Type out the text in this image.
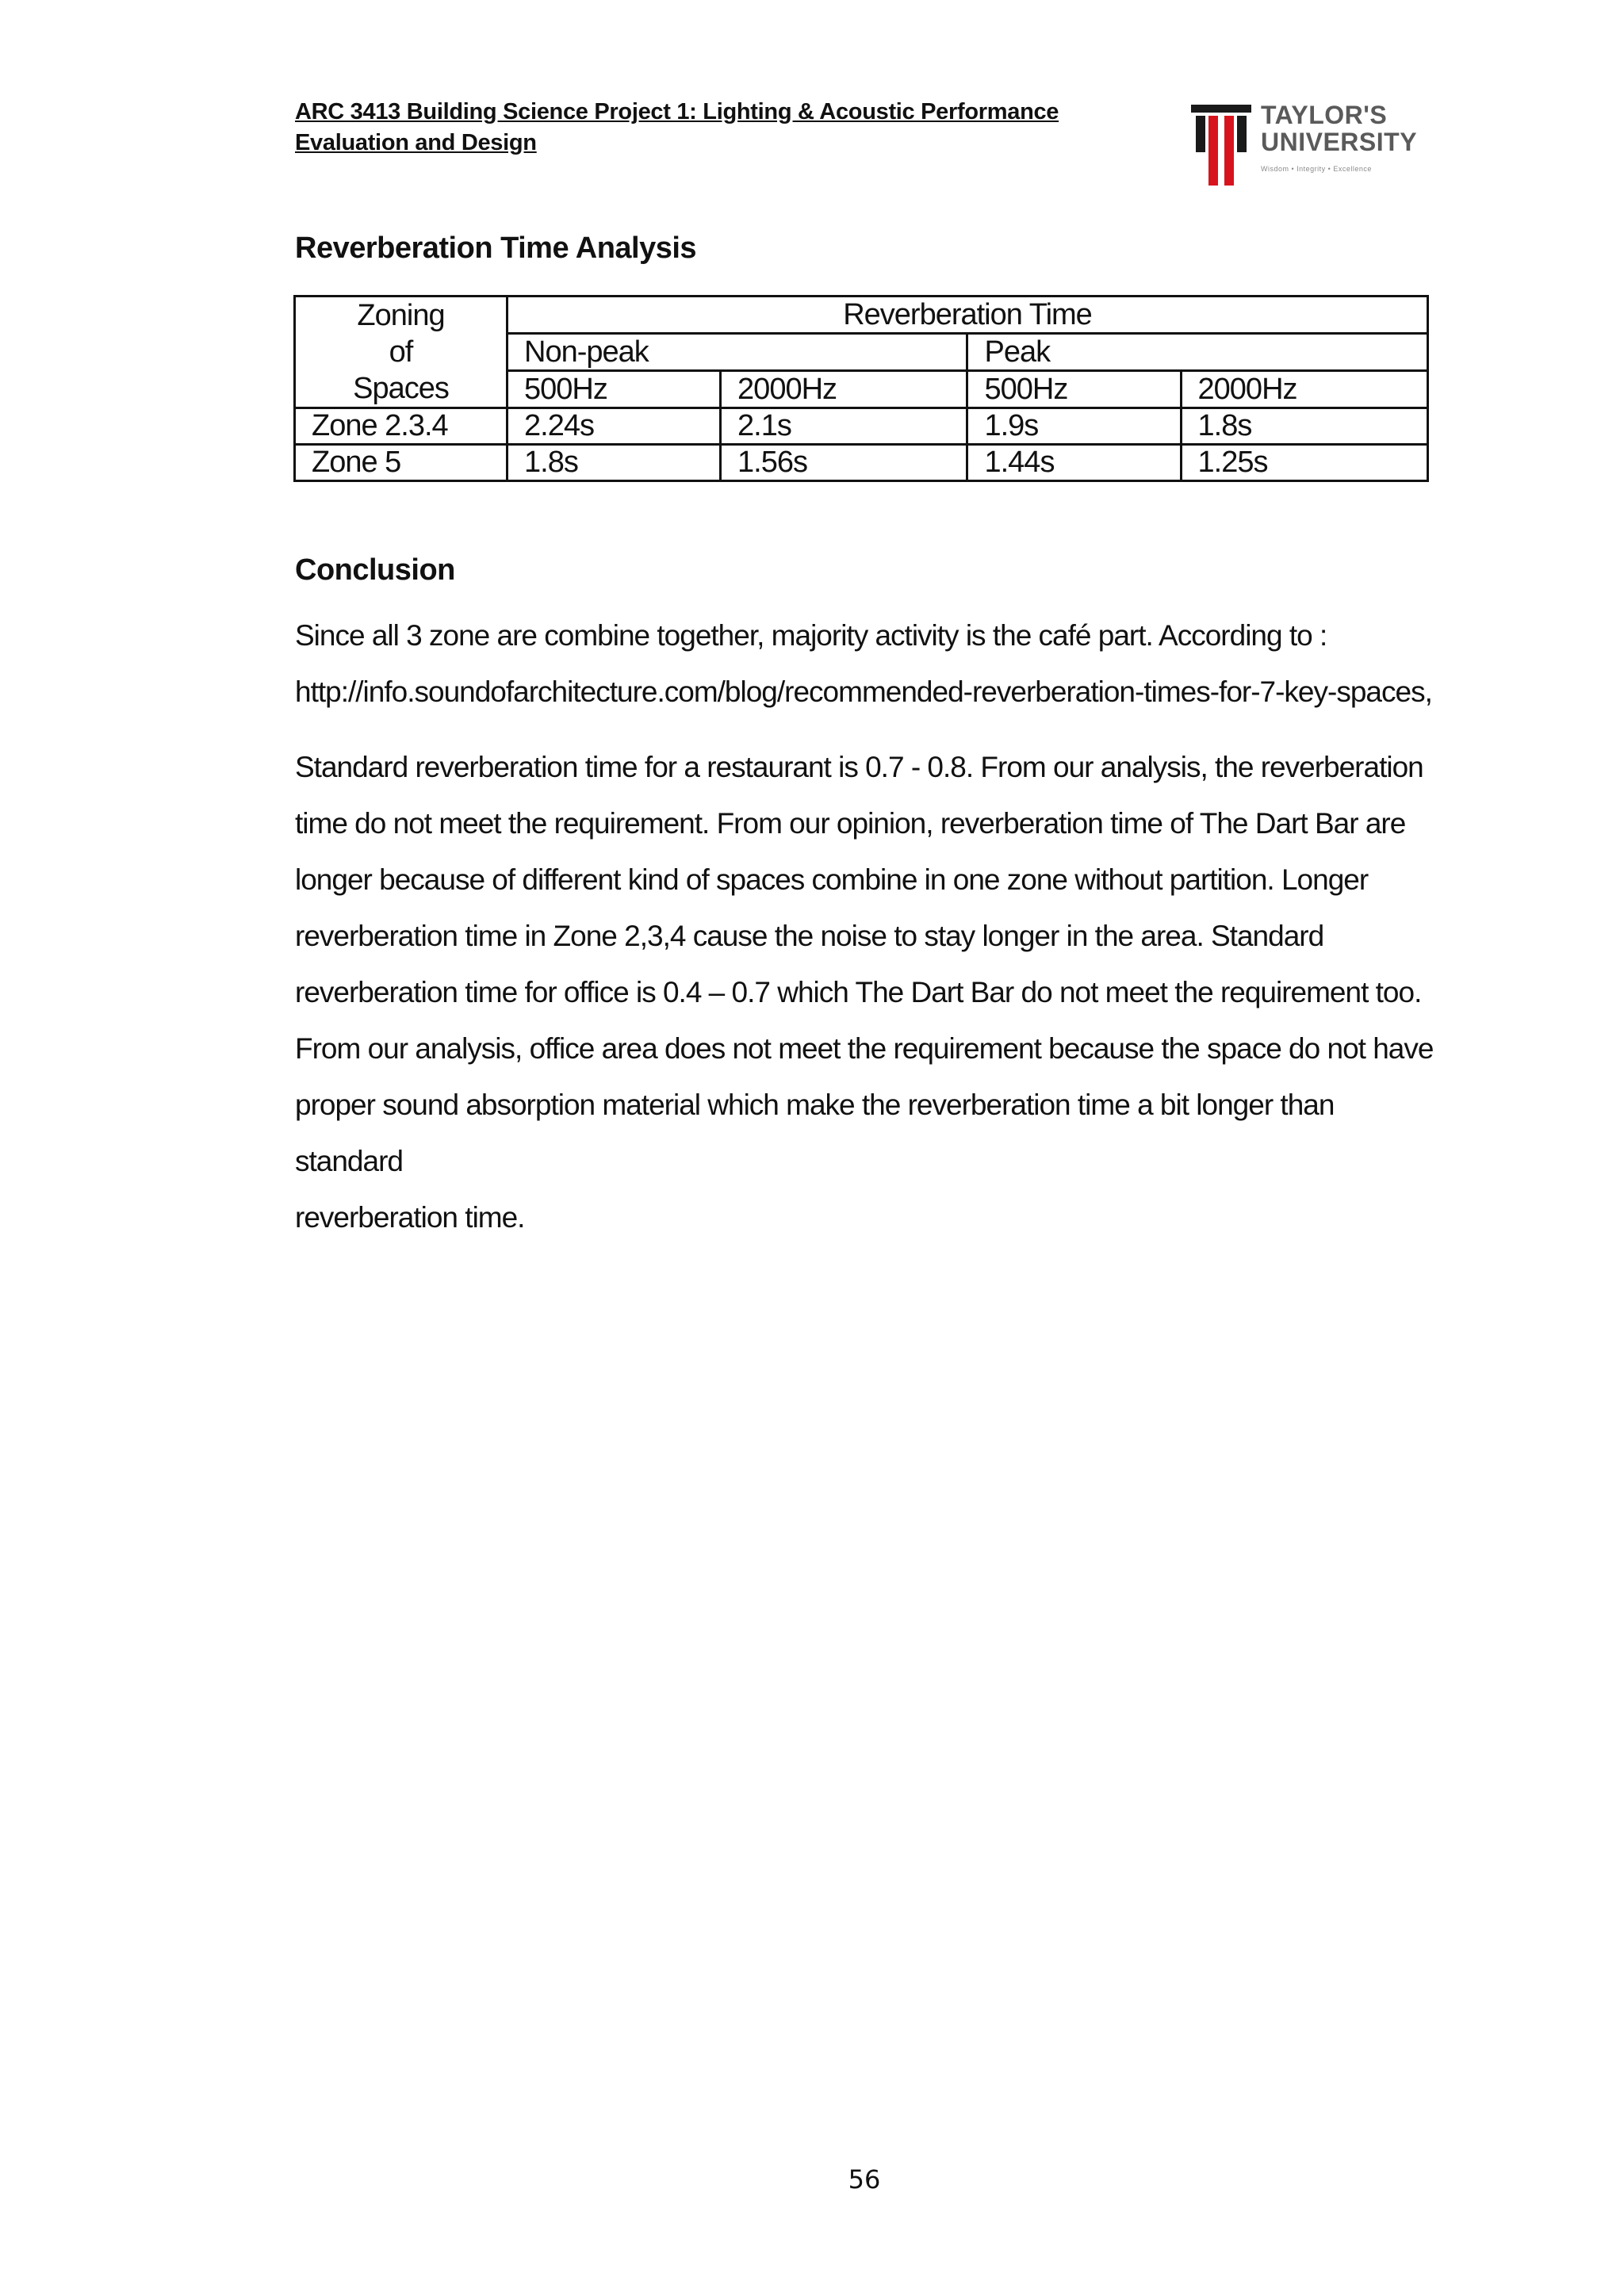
ARC 3413 Building Science Project 1: Lighting & Acoustic Performance
Evaluation and Design
TAYLOR'S
UNIVERSITY
Wisdom • Integrity • Excellence
Reverberation Time Analysis
Zoning
of
Spaces	Reverberation Time			
	Non-peak		Peak	
	500Hz	2000Hz	500Hz	2000Hz
Zone 2.3.4	2.24s	2.1s	1.9s	1.8s
Zone 5	1.8s	1.56s	1.44s	1.25s
Conclusion
Since all 3 zone are combine together, majority activity is the café part. According to :
http://info.soundofarchitecture.com/blog/recommended-reverberation-times-for-7-key-spaces,
Standard reverberation time for a restaurant is 0.7 - 0.8. From our analysis, the reverberation
time do not meet the requirement. From our opinion, reverberation time of The Dart Bar are
longer because of different kind of spaces combine in one zone without partition. Longer
reverberation time in Zone 2,3,4 cause the noise to stay longer in the area. Standard
reverberation time for office is 0.4 – 0.7 which The Dart Bar do not meet the requirement too.
From our analysis, office area does not meet the requirement because the space do not have
proper sound absorption material which make the reverberation time a bit longer than standard
reverberation time.
56
